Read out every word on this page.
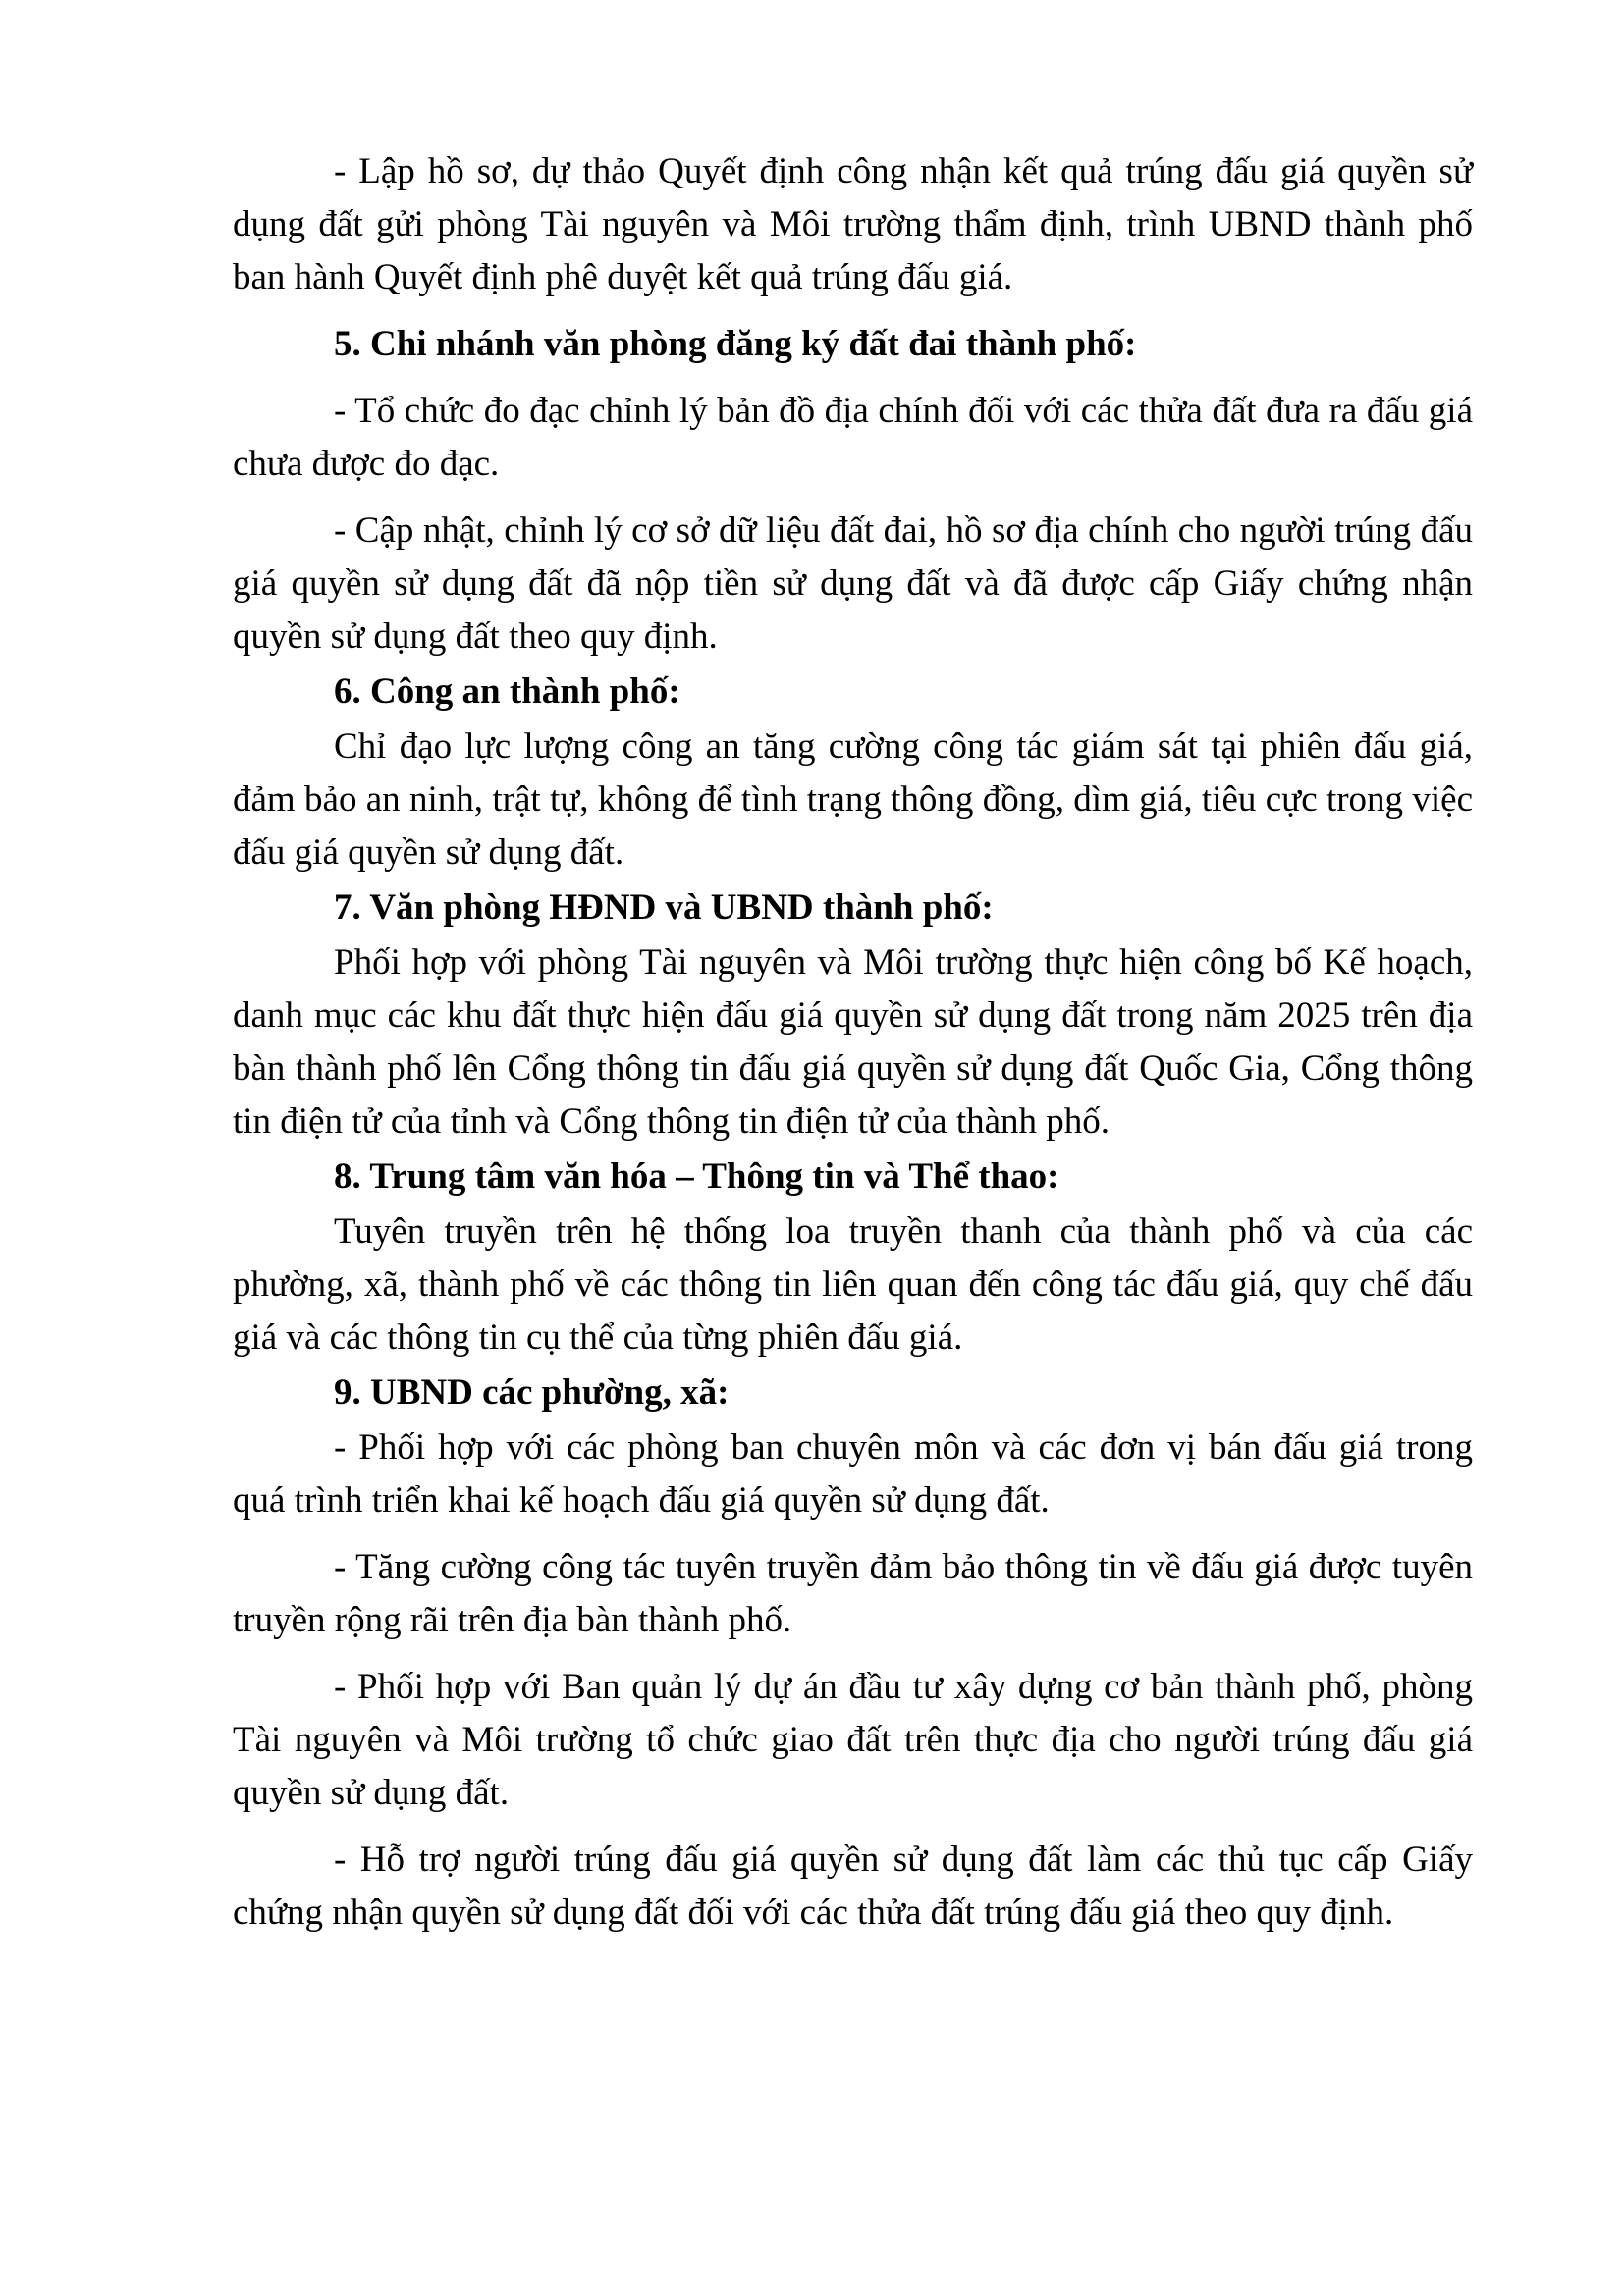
- Lập hồ sơ, dự thảo Quyết định công nhận kết quả trúng đấu giá quyền sử dụng đất gửi phòng Tài nguyên và Môi trường thẩm định, trình UBND thành phố ban hành Quyết định phê duyệt kết quả trúng đấu giá.

5. Chi nhánh văn phòng đăng ký đất đai thành phố:

- Tổ chức đo đạc chỉnh lý bản đồ địa chính đối với các thửa đất đưa ra đấu giá chưa được đo đạc.

- Cập nhật, chỉnh lý cơ sở dữ liệu đất đai, hồ sơ địa chính cho người trúng đấu giá quyền sử dụng đất đã nộp tiền sử dụng đất và đã được cấp Giấy chứng nhận quyền sử dụng đất theo quy định.

6. Công an thành phố:

Chỉ đạo lực lượng công an tăng cường công tác giám sát tại phiên đấu giá, đảm bảo an ninh, trật tự, không để tình trạng thông đồng, dìm giá, tiêu cực trong việc đấu giá quyền sử dụng đất.

7. Văn phòng HĐND và UBND thành phố:

Phối hợp với phòng Tài nguyên và Môi trường thực hiện công bố Kế hoạch, danh mục các khu đất thực hiện đấu giá quyền sử dụng đất trong năm 2025 trên địa bàn thành phố lên Cổng thông tin đấu giá quyền sử dụng đất Quốc Gia, Cổng thông tin điện tử của tỉnh và Cổng thông tin điện tử của thành phố.

8. Trung tâm văn hóa – Thông tin và Thể thao:

Tuyên truyền trên hệ thống loa truyền thanh của thành phố và của các phường, xã, thành phố về các thông tin liên quan đến công tác đấu giá, quy chế đấu giá và các thông tin cụ thể của từng phiên đấu giá.

9. UBND các phường, xã:

- Phối hợp với các phòng ban chuyên môn và các đơn vị bán đấu giá trong quá trình triển khai kế hoạch đấu giá quyền sử dụng đất.

- Tăng cường công tác tuyên truyền đảm bảo thông tin về đấu giá được tuyên truyền rộng rãi trên địa bàn thành phố.

- Phối hợp với Ban quản lý dự án đầu tư xây dựng cơ bản thành phố, phòng Tài nguyên và Môi trường tổ chức giao đất trên thực địa cho người trúng đấu giá quyền sử dụng đất.

- Hỗ trợ người trúng đấu giá quyền sử dụng đất làm các thủ tục cấp Giấy chứng nhận quyền sử dụng đất đối với các thửa đất trúng đấu giá theo quy định.
